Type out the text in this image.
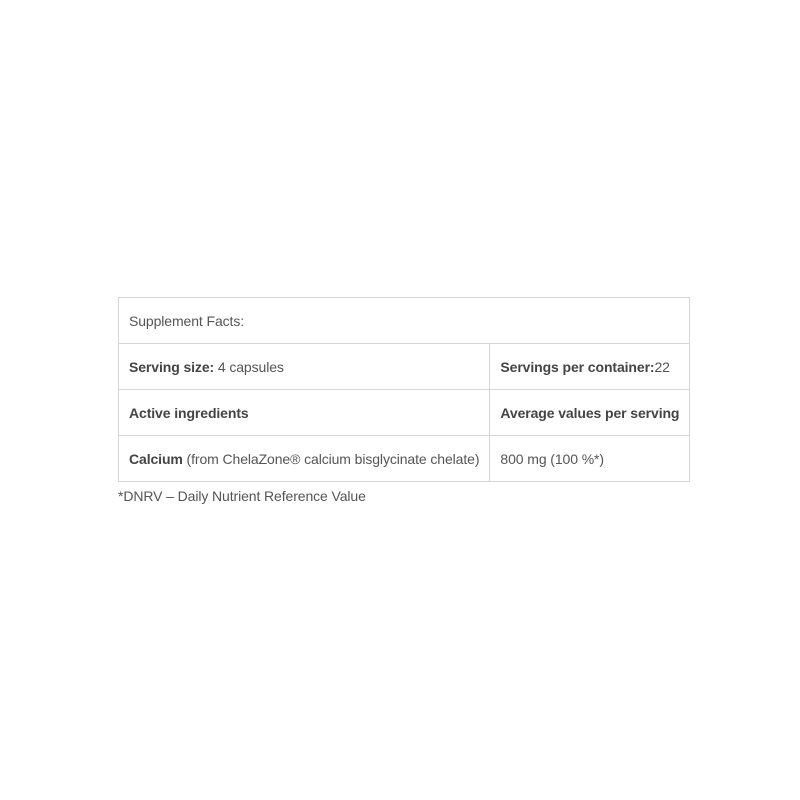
Supplement Facts:	
Serving size: 4 capsules	Servings per container:22
Active ingredients	Average values per serving
Calcium (from ChelaZone® calcium bisglycinate chelate)	800 mg (100 %*)
*DNRV – Daily Nutrient Reference Value
